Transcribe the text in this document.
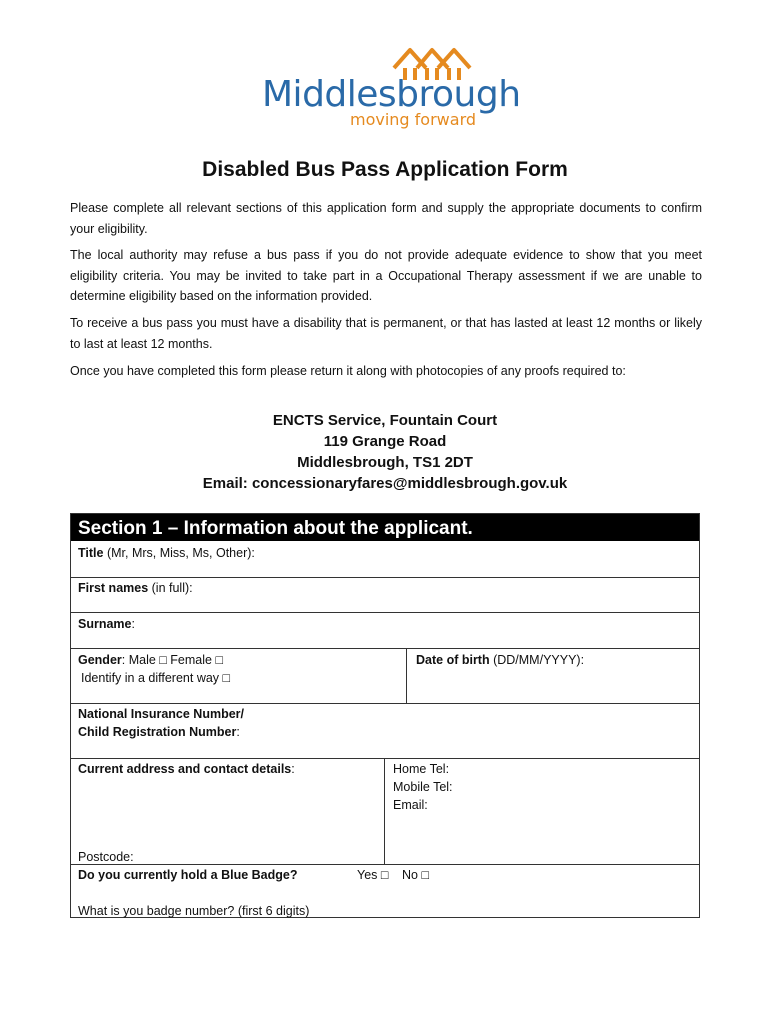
Middlesbrough
moving forward
Disabled Bus Pass Application Form

Please complete all relevant sections of this application form and supply the appropriate documents to confirm your eligibility.

The local authority may refuse a bus pass if you do not provide adequate evidence to show that you meet eligibility criteria. You may be invited to take part in a Occupational Therapy assessment if we are unable to determine eligibility based on the information provided.

To receive a bus pass you must have a disability that is permanent, or that has lasted at least 12 months or likely to last at least 12 months.

Once you have completed this form please return it along with photocopies of any proofs required to:

ENCTS Service, Fountain Court
119 Grange Road
Middlesbrough, TS1 2DT
Email: concessionaryfares@middlesbrough.gov.uk
Section 1 – Information about the applicant.
Title (Mr, Mrs, Miss, Ms, Other):
First names (in full):
Surname:
Gender: Male □ Female □
Identify in a different way □
Date of birth (DD/MM/YYYY):
National Insurance Number/
Child Registration Number:
Current address and contact details:
Postcode:
Home Tel:
Mobile Tel:
Email:
Do you currently hold a Blue Badge?	Yes □ No □
What is you badge number? (first 6 digits)
